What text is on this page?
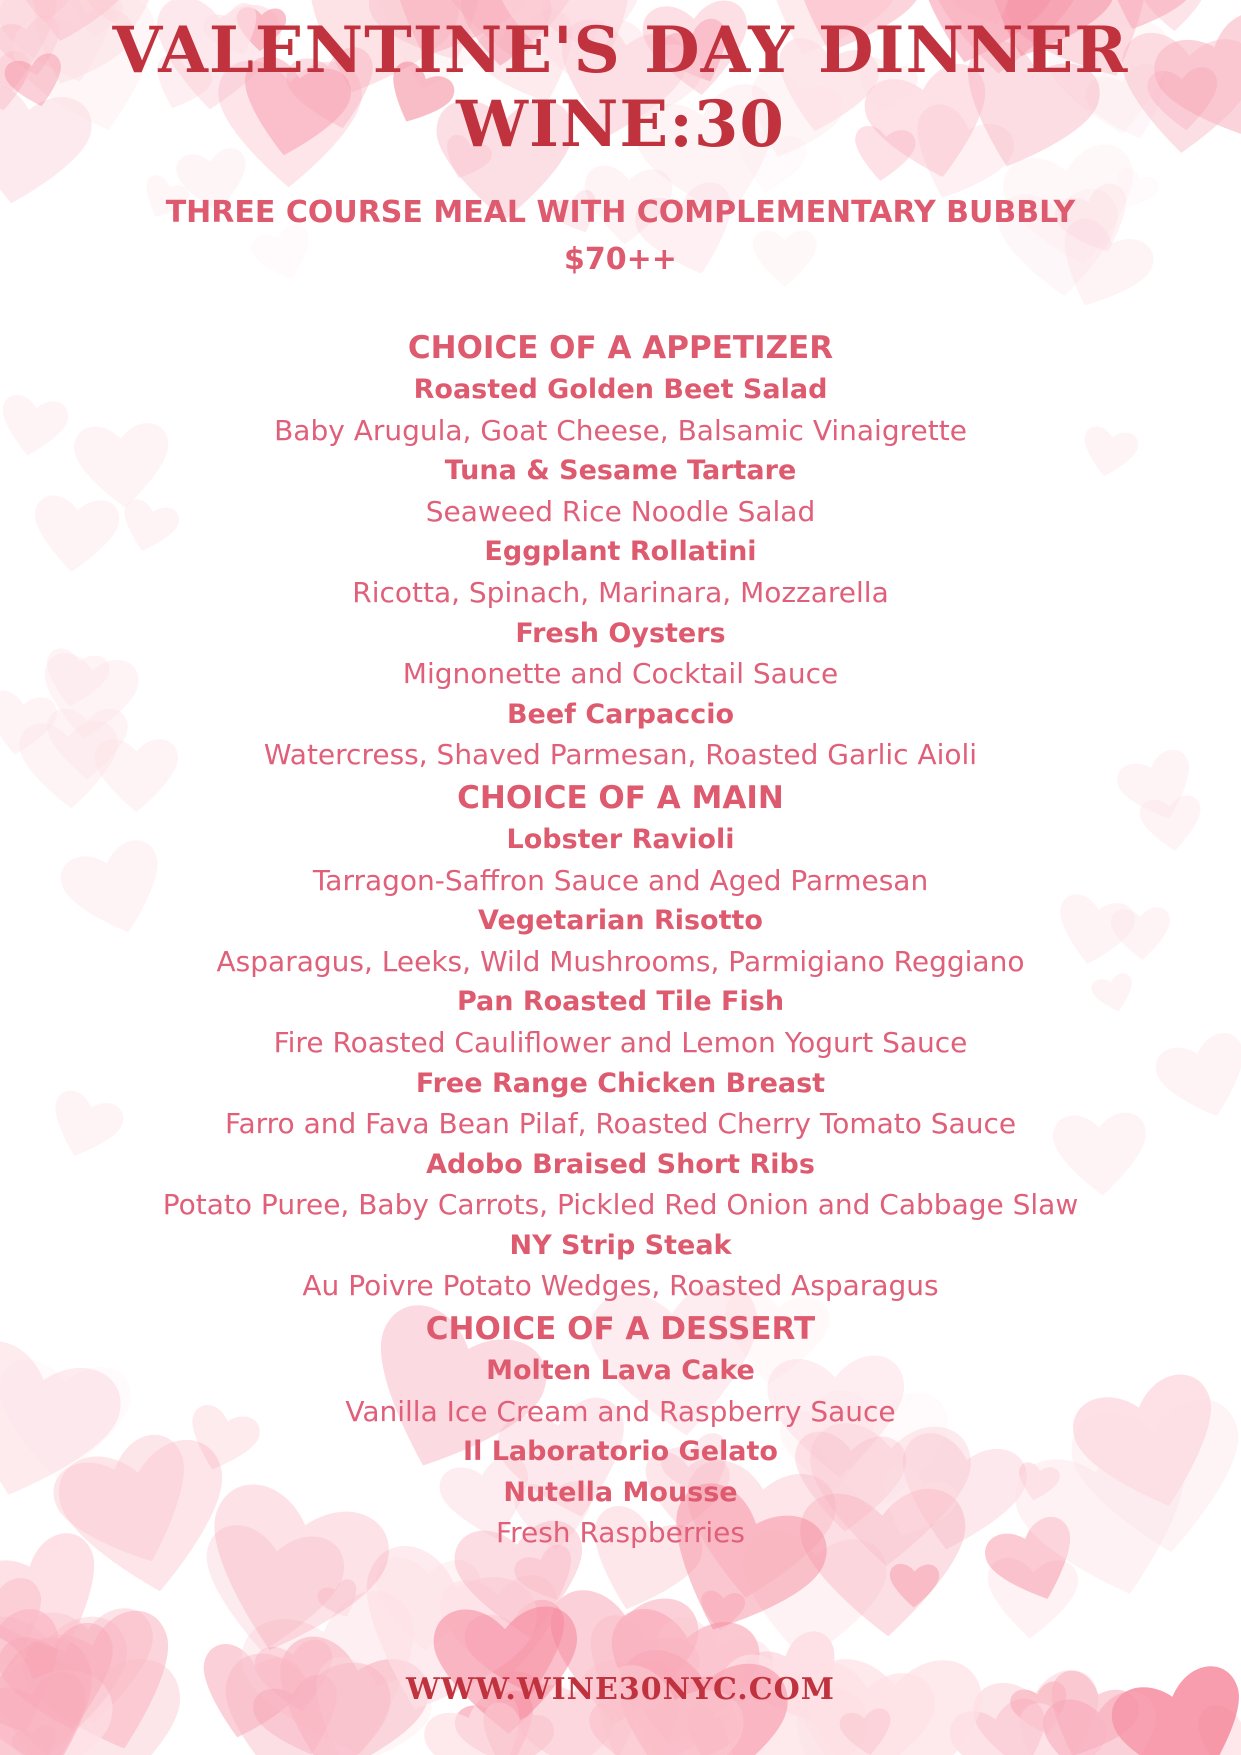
VALENTINE'S DAY DINNER
WINE:30
THREE COURSE MEAL WITH COMPLEMENTARY BUBBLY
$70++
CHOICE OF A APPETIZER
Roasted Golden Beet Salad
Baby Arugula, Goat Cheese, Balsamic Vinaigrette
Tuna & Sesame Tartare
Seaweed Rice Noodle Salad
Eggplant Rollatini
Ricotta, Spinach, Marinara, Mozzarella
Fresh Oysters
Mignonette and Cocktail Sauce
Beef Carpaccio
Watercress, Shaved Parmesan, Roasted Garlic Aioli
CHOICE OF A MAIN
Lobster Ravioli
Tarragon-Saffron Sauce and Aged Parmesan
Vegetarian Risotto
Asparagus, Leeks, Wild Mushrooms, Parmigiano Reggiano
Pan Roasted Tile Fish
Fire Roasted Cauliflower and Lemon Yogurt Sauce
Free Range Chicken Breast
Farro and Fava Bean Pilaf, Roasted Cherry Tomato Sauce
Adobo Braised Short Ribs
Potato Puree, Baby Carrots, Pickled Red Onion and Cabbage Slaw
NY Strip Steak
Au Poivre Potato Wedges, Roasted Asparagus
CHOICE OF A DESSERT
Molten Lava Cake
Vanilla Ice Cream and Raspberry Sauce
Il Laboratorio Gelato
Nutella Mousse
Fresh Raspberries
WWW.WINE30NYC.COM
